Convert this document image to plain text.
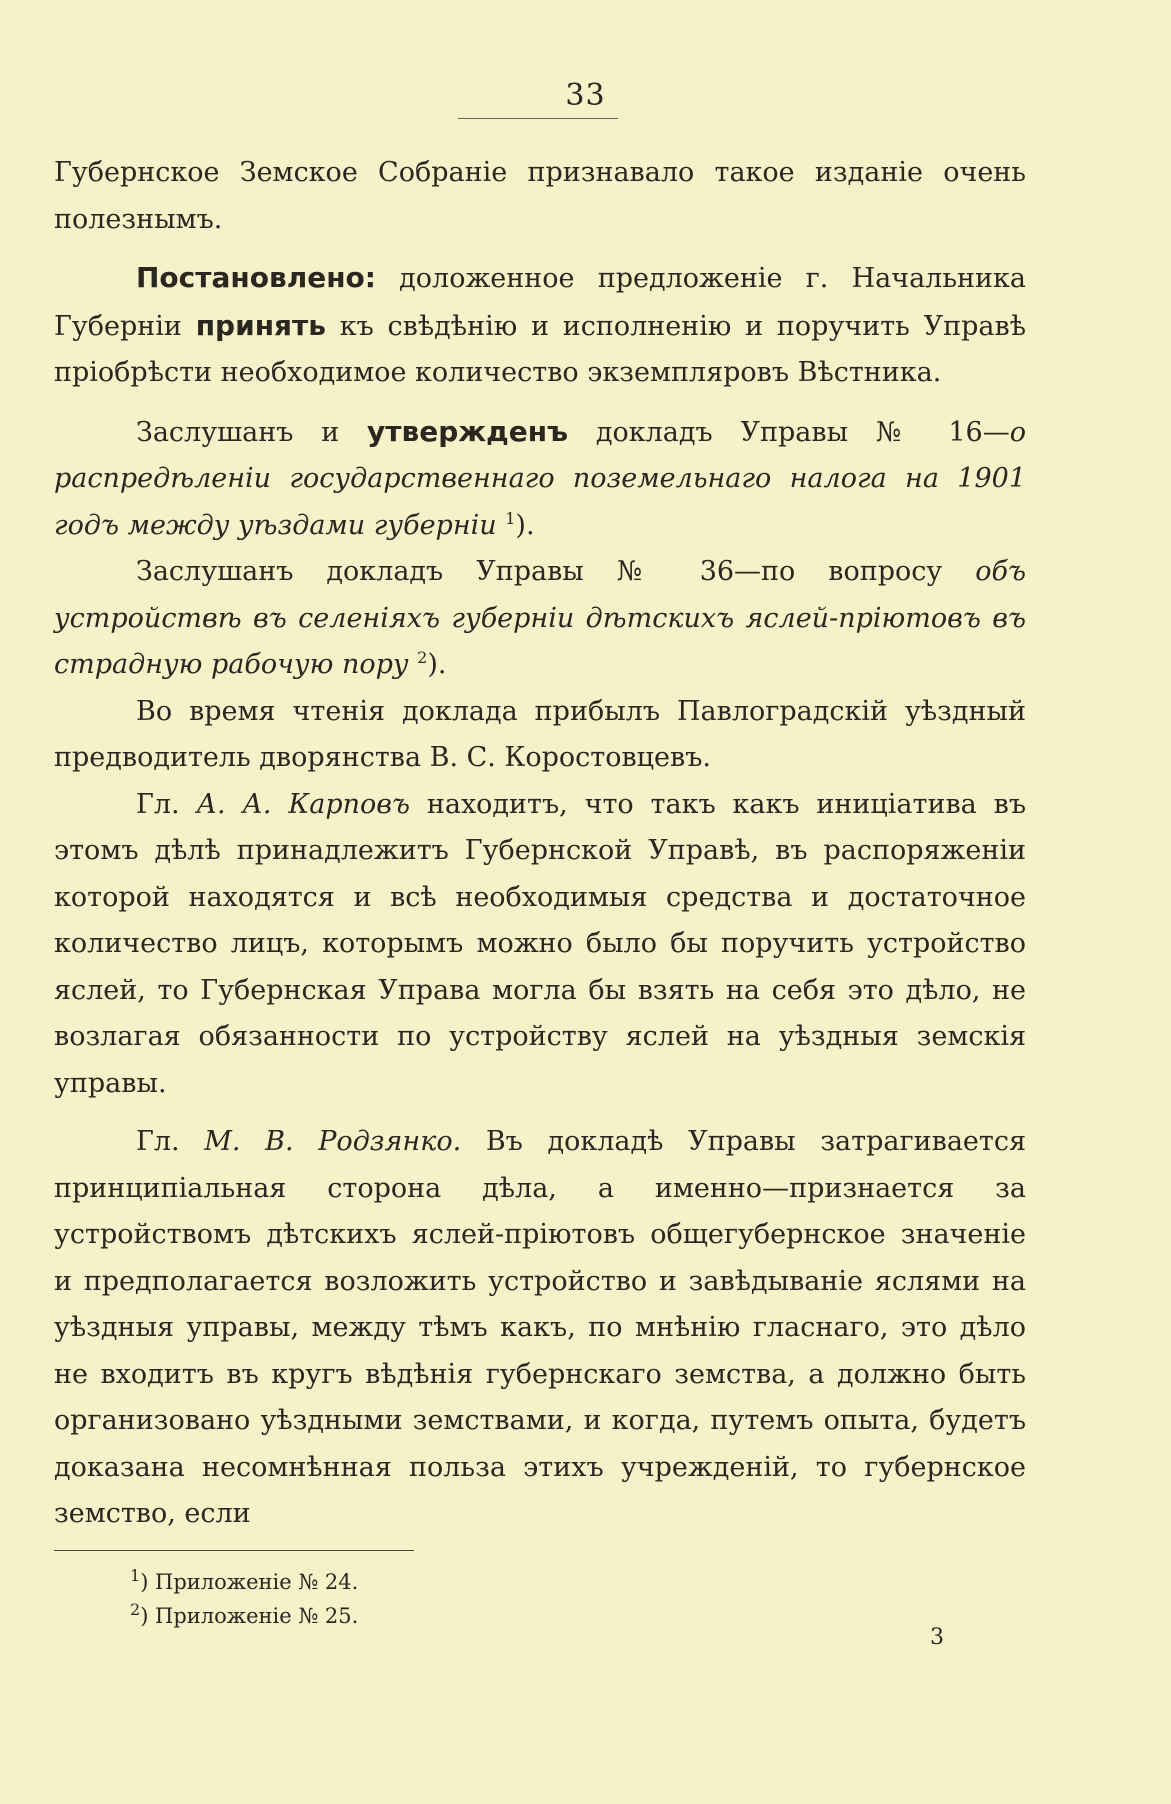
33

Губернское Земское Собраніе признавало такое изданіе очень полезнымъ.

Постановлено: доложенное предложеніе г. Начальника Губерніи принять къ свѣдѣнію и исполненію и поручить Управѣ пріобрѣсти необходимое количество экземпляровъ Вѣстника.

Заслушанъ и утвержденъ докладъ Управы № 16—о распредѣленіи государственнаго поземельнаго налога на 1901 годъ между уѣздами губерніи $^1$).

Заслушанъ докладъ Управы № 36—по вопросу объ устройствѣ въ селеніяхъ губерніи дѣтскихъ яслей-пріютовъ въ страдную рабочую пору $^2$).

Во время чтенія доклада прибылъ Павлоградскій уѣздный предводитель дворянства В. С. Коростовцевъ.

Гл. А. А. Карповъ находитъ, что такъ какъ иниціатива въ этомъ дѣлѣ принадлежитъ Губернской Управѣ, въ распоряженіи которой находятся и всѣ необходимыя средства и достаточное количество лицъ, которымъ можно было бы поручить устройство яслей, то Губернская Управа могла бы взять на себя это дѣло, не возлагая обязанности по устройству яслей на уѣздныя земскія управы.

Гл. М. В. Родзянко. Въ докладѣ Управы затрагивается принципіальная сторона дѣла, а именно—признается за устройствомъ дѣтскихъ яслей-пріютовъ общегубернское значеніе и предполагается возложить устройство и завѣдываніе яслями на уѣздныя управы, между тѣмъ какъ, по мнѣнію гласнаго, это дѣло не входитъ въ кругъ вѣдѣнія губернскаго земства, а должно быть организовано уѣздными земствами, и когда, путемъ опыта, будетъ доказана несомнѣнная польза этихъ учрежденій, то губернское земство, если

$^1$) Приложеніе № 24.
$^2$) Приложеніе № 25.
3
